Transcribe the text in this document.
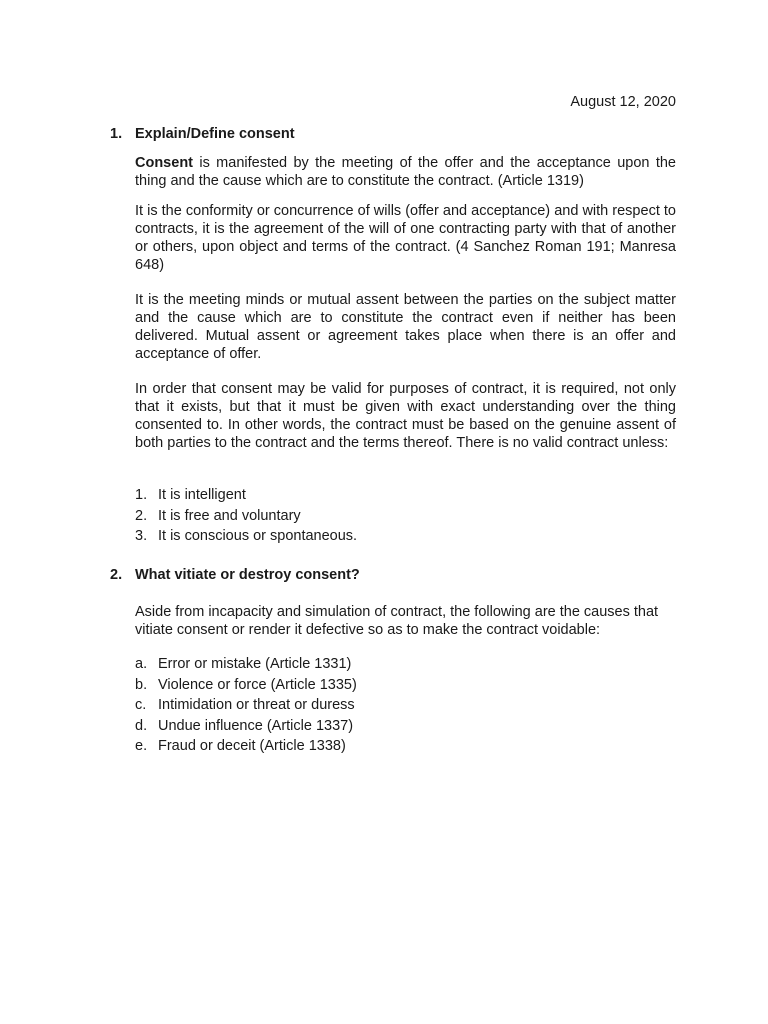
August 12, 2020
1. Explain/Define consent
Consent is manifested by the meeting of the offer and the acceptance upon the thing and the cause which are to constitute the contract. (Article 1319)
It is the conformity or concurrence of wills (offer and acceptance) and with respect to contracts, it is the agreement of the will of one contracting party with that of another or others, upon object and terms of the contract. (4 Sanchez Roman 191; Manresa 648)
It is the meeting minds or mutual assent between the parties on the subject matter and the cause which are to constitute the contract even if neither has been delivered. Mutual assent or agreement takes place when there is an offer and acceptance of offer.
In order that consent may be valid for purposes of contract, it is required, not only that it exists, but that it must be given with exact understanding over the thing consented to. In other words, the contract must be based on the genuine assent of both parties to the contract and the terms thereof. There is no valid contract unless:
1. It is intelligent
2. It is free and voluntary
3. It is conscious or spontaneous.
2. What vitiate or destroy consent?
Aside from incapacity and simulation of contract, the following are the causes that vitiate consent or render it defective so as to make the contract voidable:
a. Error or mistake (Article 1331)
b. Violence or force (Article 1335)
c. Intimidation or threat or duress
d. Undue influence (Article 1337)
e. Fraud or deceit (Article 1338)
